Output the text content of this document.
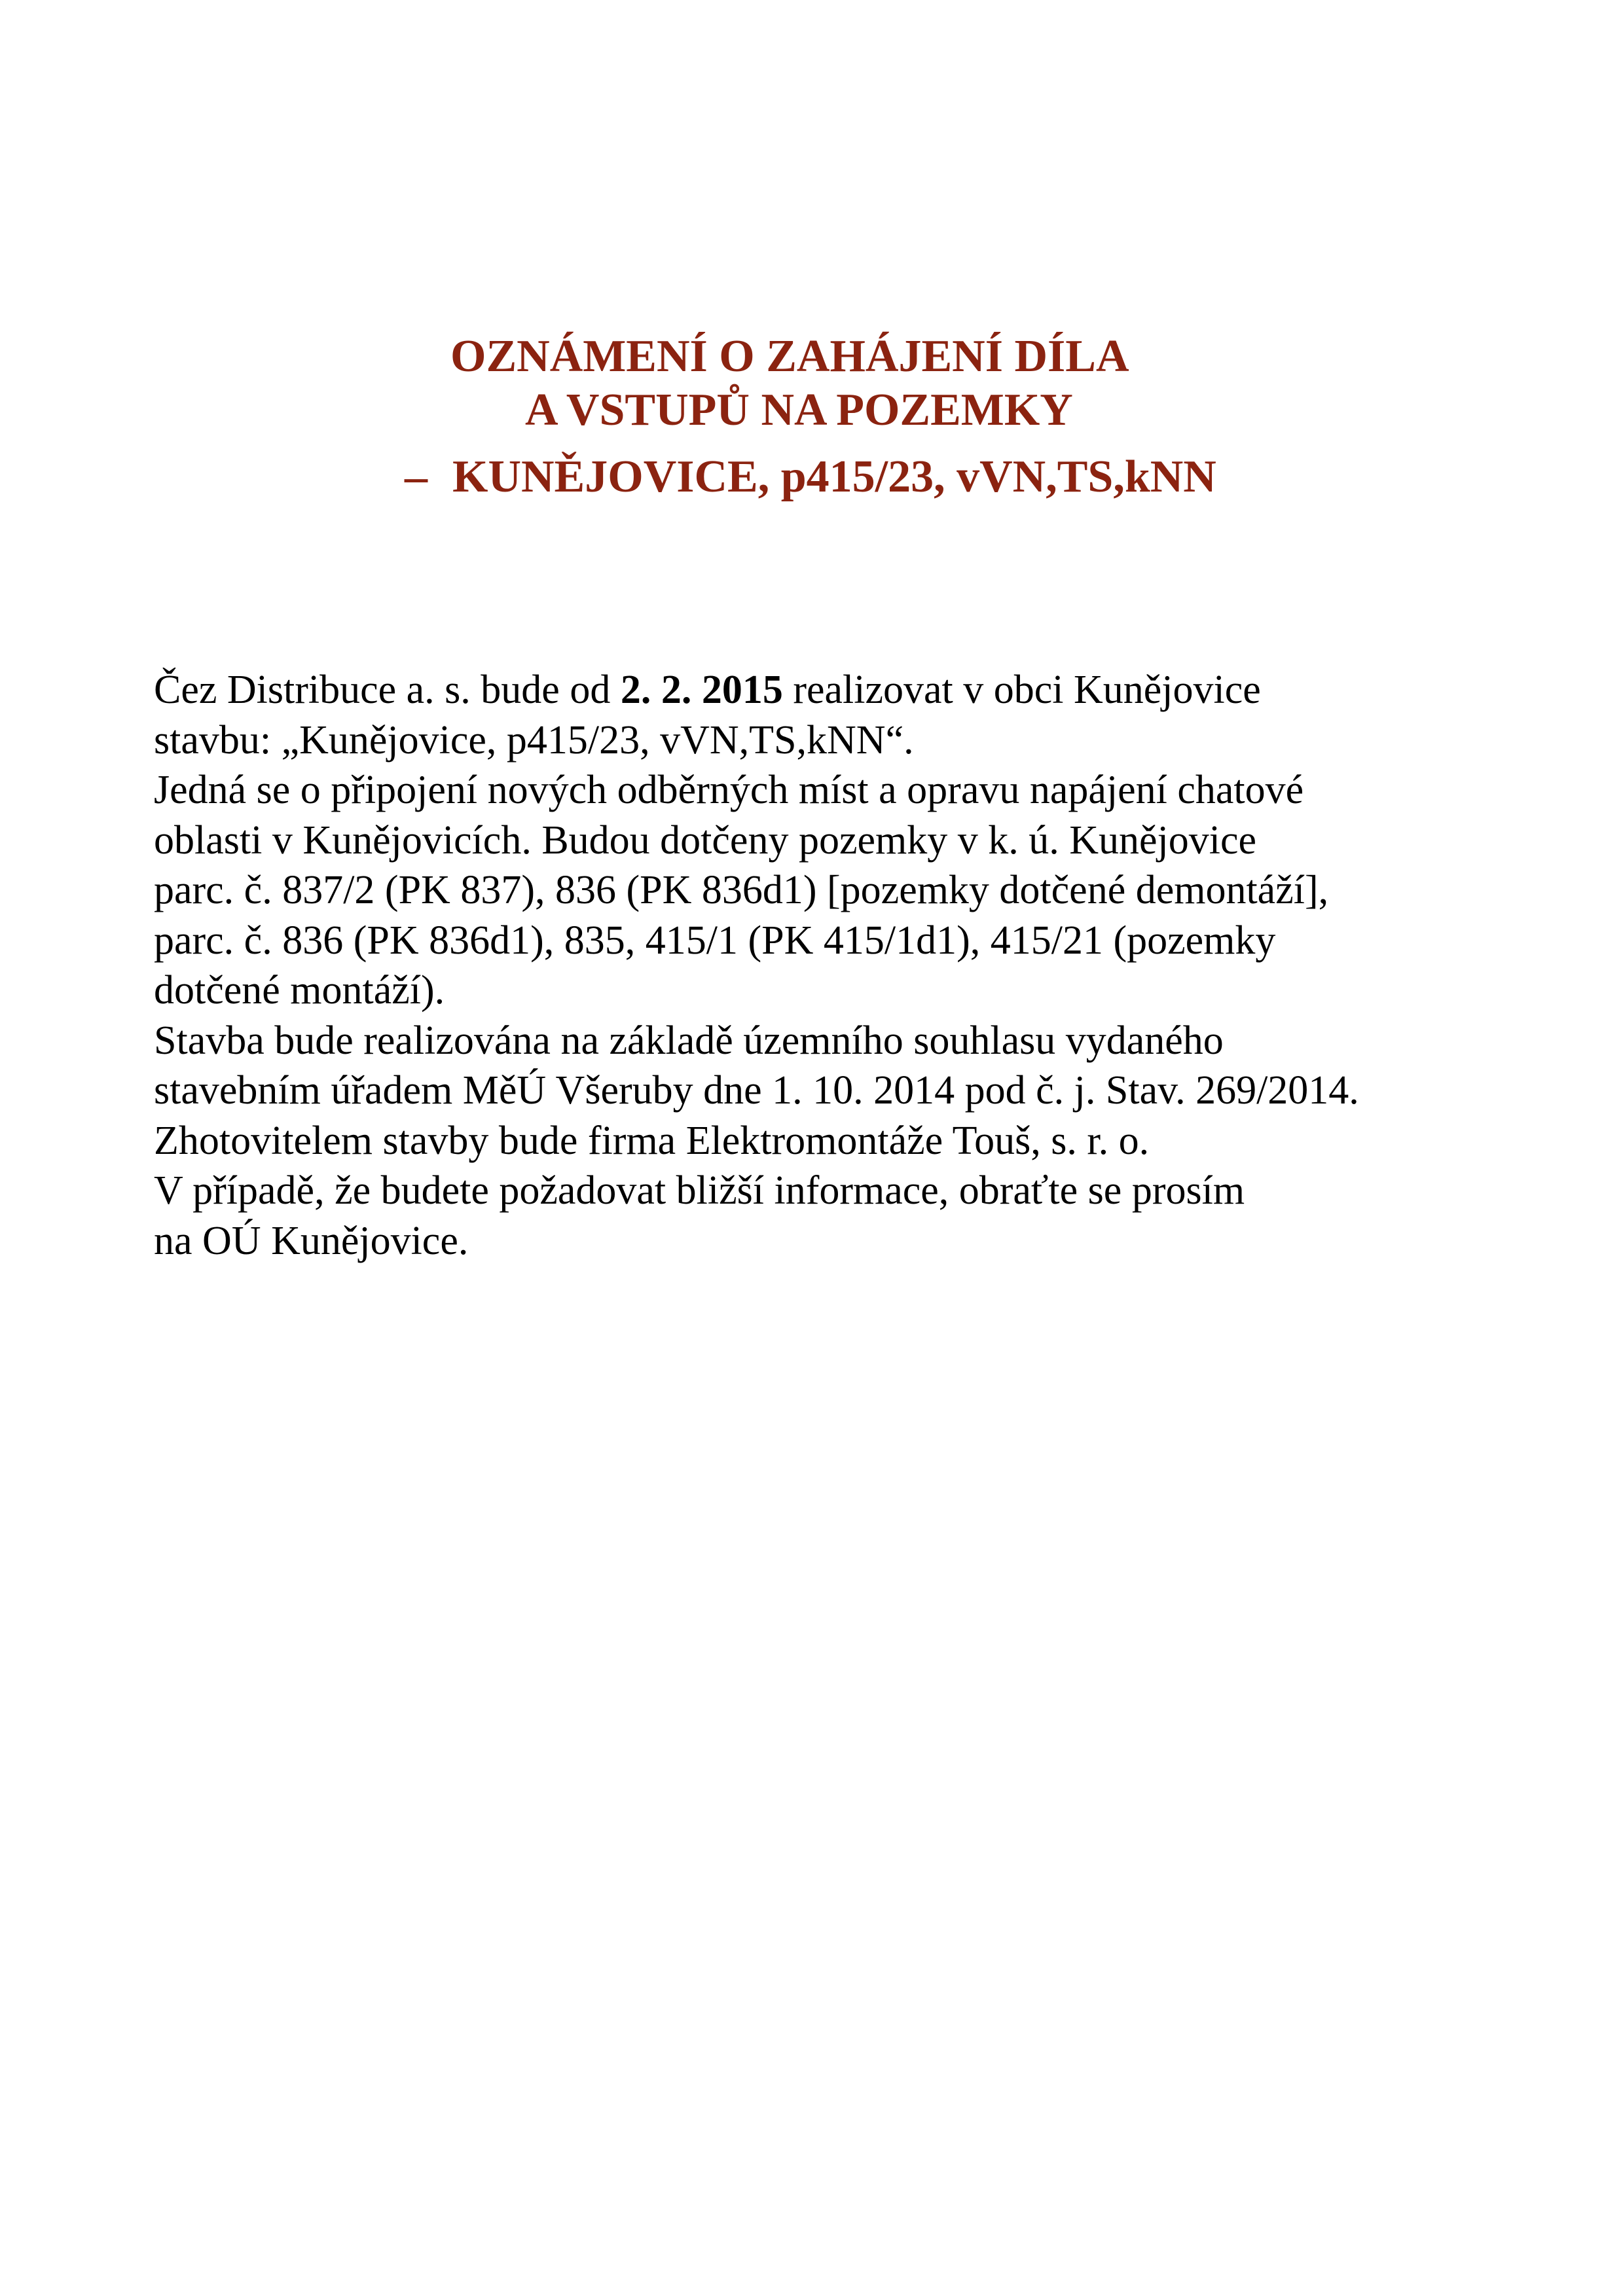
OZNÁMENÍ O ZAHÁJENÍ DÍLA
A VSTUPŮ NA POZEMKY
– KUNĚJOVICE, p415/23, vVN,TS,kNN
Čez Distribuce a. s. bude od 2. 2. 2015 realizovat v obci Kunějovice
stavbu: „Kunějovice, p415/23, vVN,TS,kNN“.
Jedná se o připojení nových odběrných míst a opravu napájení chatové
oblasti v Kunějovicích. Budou dotčeny pozemky v k. ú. Kunějovice
parc. č. 837/2 (PK 837), 836 (PK 836d1) [pozemky dotčené demontáží],
parc. č. 836 (PK 836d1), 835, 415/1 (PK 415/1d1), 415/21 (pozemky
dotčené montáží).
Stavba bude realizována na základě územního souhlasu vydaného
stavebním úřadem MěÚ Všeruby dne 1. 10. 2014 pod č. j. Stav. 269/2014.
Zhotovitelem stavby bude firma Elektromontáže Touš, s. r. o.
V případě, že budete požadovat bližší informace, obraťte se prosím
na OÚ Kunějovice.
